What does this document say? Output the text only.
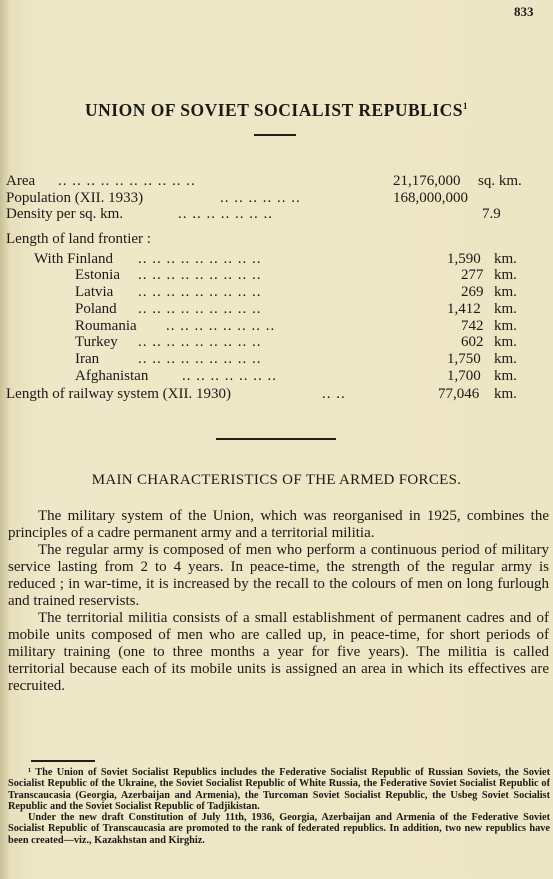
833
UNION OF SOVIET SOCIALIST REPUBLICS$^1$
Area .. .. .. .. .. .. .. .. .. ..	21,176,000 sq. km.
Population (XII. 1933)	.. .. .. .. .. ..	168,000,000
Density per sq. km.	.. .. .. .. .. .. ..	7.9
Length of land frontier :
With Finland .. .. .. .. .. .. .. .. ..	1,590 km.
Estonia .. .. .. .. .. .. .. .. ..	277 km.
Latvia .. .. .. .. .. .. .. .. ..	269 km.
Poland .. .. .. .. .. .. .. .. ..	1,412 km.
Roumania .. .. .. .. .. .. .. ..	742 km.
Turkey .. .. .. .. .. .. .. .. ..	602 km.
Iran	.. .. .. .. .. .. .. .. ..	1,750 km.
Afghanistan .. .. .. .. .. .. ..	1,700 km.
Length of railway system (XII. 1930)	.. ..	77,046 km.
MAIN CHARACTERISTICS OF THE ARMED FORCES.

The military system of the Union, which was reorganised in 1925, combines the principles of a cadre permanent army and a territorial militia.

The regular army is composed of men who perform a continuous period of military service lasting from 2 to 4 years. In peace-time, the strength of the regular army is reduced ; in war-time, it is increased by the recall to the colours of men on long furlough and trained reservists.

The territorial militia consists of a small establishment of permanent cadres and of mobile units composed of men who are called up, in peace-time, for short periods of military training (one to three months a year for five years). The militia is called territorial because each of its mobile units is assigned an area in which its effectives are recruited.

¹ The Union of Soviet Socialist Republics includes the Federative Socialist Republic of Russian Soviets, the Soviet Socialist Republic of the Ukraine, the Soviet Socialist Republic of White Russia, the Federative Soviet Socialist Republic of Transcaucasia (Georgia, Azerbaijan and Armenia), the Turcoman Soviet Socialist Republic, the Usbeg Soviet Socialist Republic and the Soviet Socialist Republic of Tadjikistan.

Under the new draft Constitution of July 11th, 1936, Georgia, Azerbaijan and Armenia of the Federative Soviet Socialist Republic of Transcaucasia are promoted to the rank of federated republics. In addition, two new republics have been created—viz., Kazakhstan and Kirghiz.
